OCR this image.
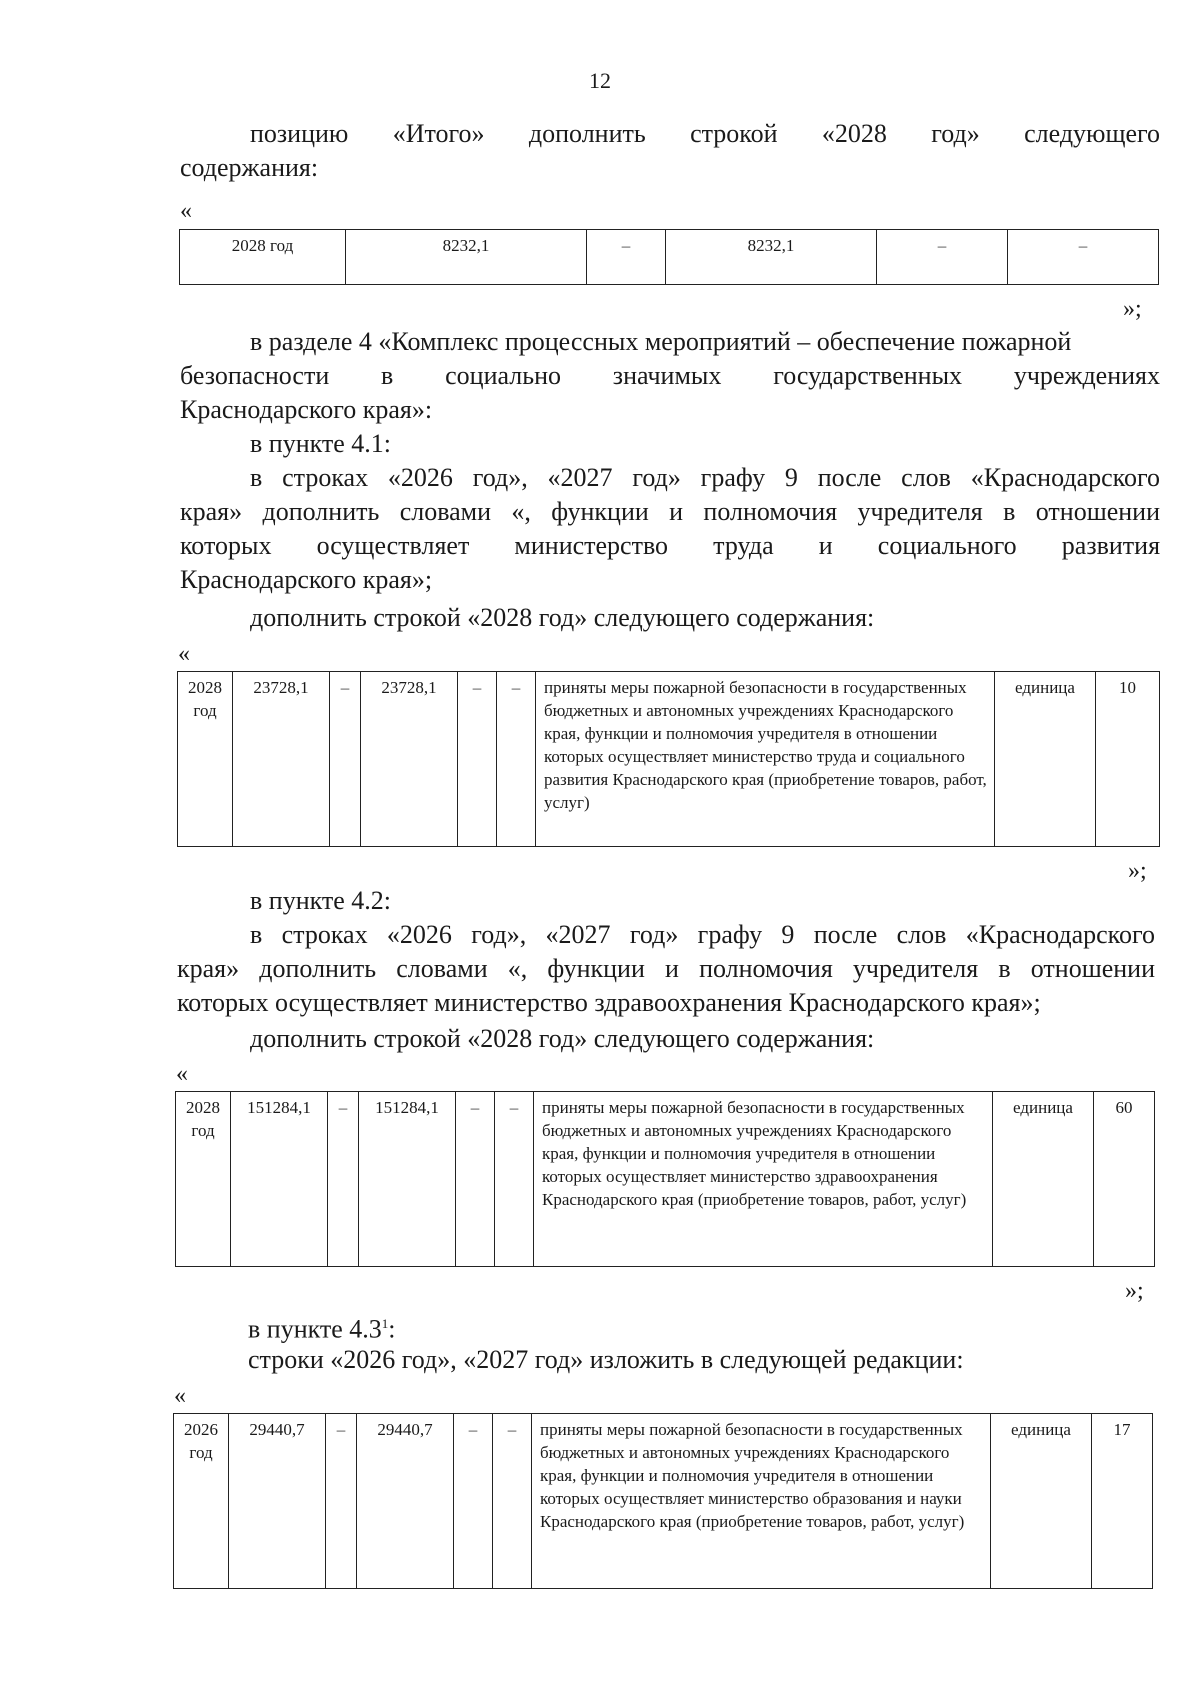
12
позицию «Итого» дополнить строкой «2028 год» следующего
содержания:
«
2028 год	8232,1	–	8232,1	–	–
»;
в разделе 4 «Комплекс процессных мероприятий – обеспечение пожарной
безопасности в социально значимых государственных учреждениях
Краснодарского края»:
в пункте 4.1:
в строках «2026 год», «2027 год» графу 9 после слов «Краснодарского
края» дополнить словами «, функции и полномочия учредителя в отношении
которых осуществляет министерство труда и социального развития
Краснодарского края»;
дополнить строкой «2028 год» следующего содержания:
«
2028 год	23728,1	–	23728,1	–	–	приняты меры пожарной безопасности в государственных бюджетных и автономных учреждениях Краснодарского края, функции и полномочия учредителя в отношении которых осуществляет министерство труда и социального развития Краснодарского края (приобретение товаров, работ, услуг)	единица	10
»;
в пункте 4.2:
в строках «2026 год», «2027 год» графу 9 после слов «Краснодарского
края» дополнить словами «, функции и полномочия учредителя в отношении
которых осуществляет министерство здравоохранения Краснодарского края»;
дополнить строкой «2028 год» следующего содержания:
«
2028 год	151284,1	–	151284,1	–	–	приняты меры пожарной безопасности в государственных бюджетных и автономных учреждениях Краснодарского края, функции и полномочия учредителя в отношении которых осуществляет министерство здравоохранения Краснодарского края (приобретение товаров, работ, услуг)	единица	60
»;
в пункте $4.3^1$:
строки «2026 год», «2027 год» изложить в следующей редакции:
«
2026 год	29440,7	–	29440,7	–	–	приняты меры пожарной безопасности в государственных бюджетных и автономных учреждениях Краснодарского края, функции и полномочия учредителя в отношении которых осуществляет министерство образования и науки Краснодарского края (приобретение товаров, работ, услуг)	единица	17
